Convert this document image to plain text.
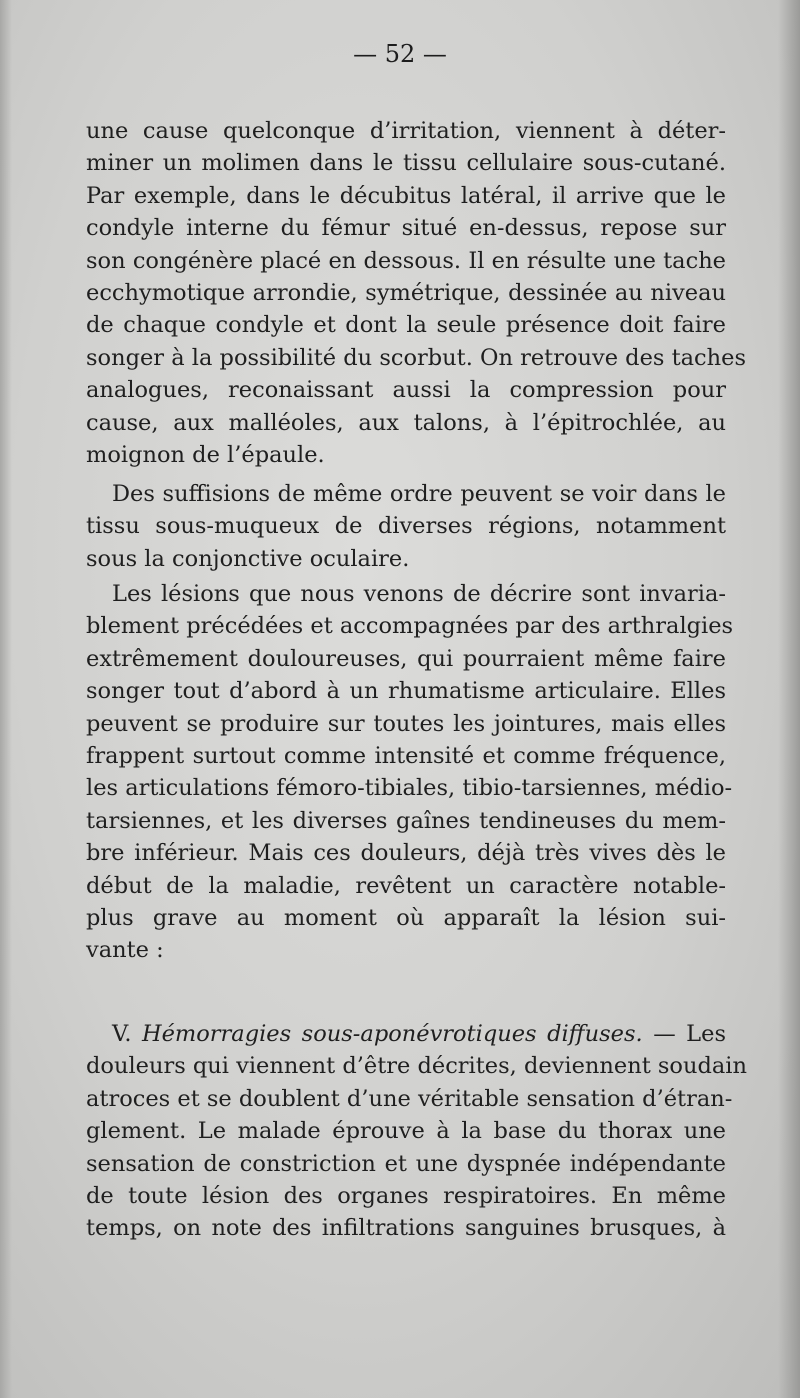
— 52 —
une cause quelconque d’irritation, viennent à déter-
miner un molimen dans le tissu cellulaire sous-cutané.
Par exemple, dans le décubitus latéral, il arrive que le
condyle interne du fémur situé en-dessus, repose sur
son congénère placé en dessous. Il en résulte une tache
ecchymotique arrondie, symétrique, dessinée au niveau
de chaque condyle et dont la seule présence doit faire
songer à la possibilité du scorbut. On retrouve des taches
analogues, reconaissant aussi la compression pour
cause, aux malléoles, aux talons, à l’épitrochlée, au
moignon de l’épaule.
Des suffisions de même ordre peuvent se voir dans le
tissu sous-muqueux de diverses régions, notamment
sous la conjonctive oculaire.
Les lésions que nous venons de décrire sont invaria-
blement précédées et accompagnées par des arthralgies
extrêmement douloureuses, qui pourraient même faire
songer tout d’abord à un rhumatisme articulaire. Elles
peuvent se produire sur toutes les jointures, mais elles
frappent surtout comme intensité et comme fréquence,
les articulations fémoro-tibiales, tibio-tarsiennes, médio-
tarsiennes, et les diverses gaînes tendineuses du mem-
bre inférieur. Mais ces douleurs, déjà très vives dès le
début de la maladie, revêtent un caractère notable-
plus grave au moment où apparaît la lésion sui-
vante :
V. Hémorragies sous-aponévrotiques diffuses. — Les
douleurs qui viennent d’être décrites, deviennent soudain
atroces et se doublent d’une véritable sensation d’étran-
glement. Le malade éprouve à la base du thorax une
sensation de constriction et une dyspnée indépendante
de toute lésion des organes respiratoires. En même
temps, on note des infiltrations sanguines brusques, à
